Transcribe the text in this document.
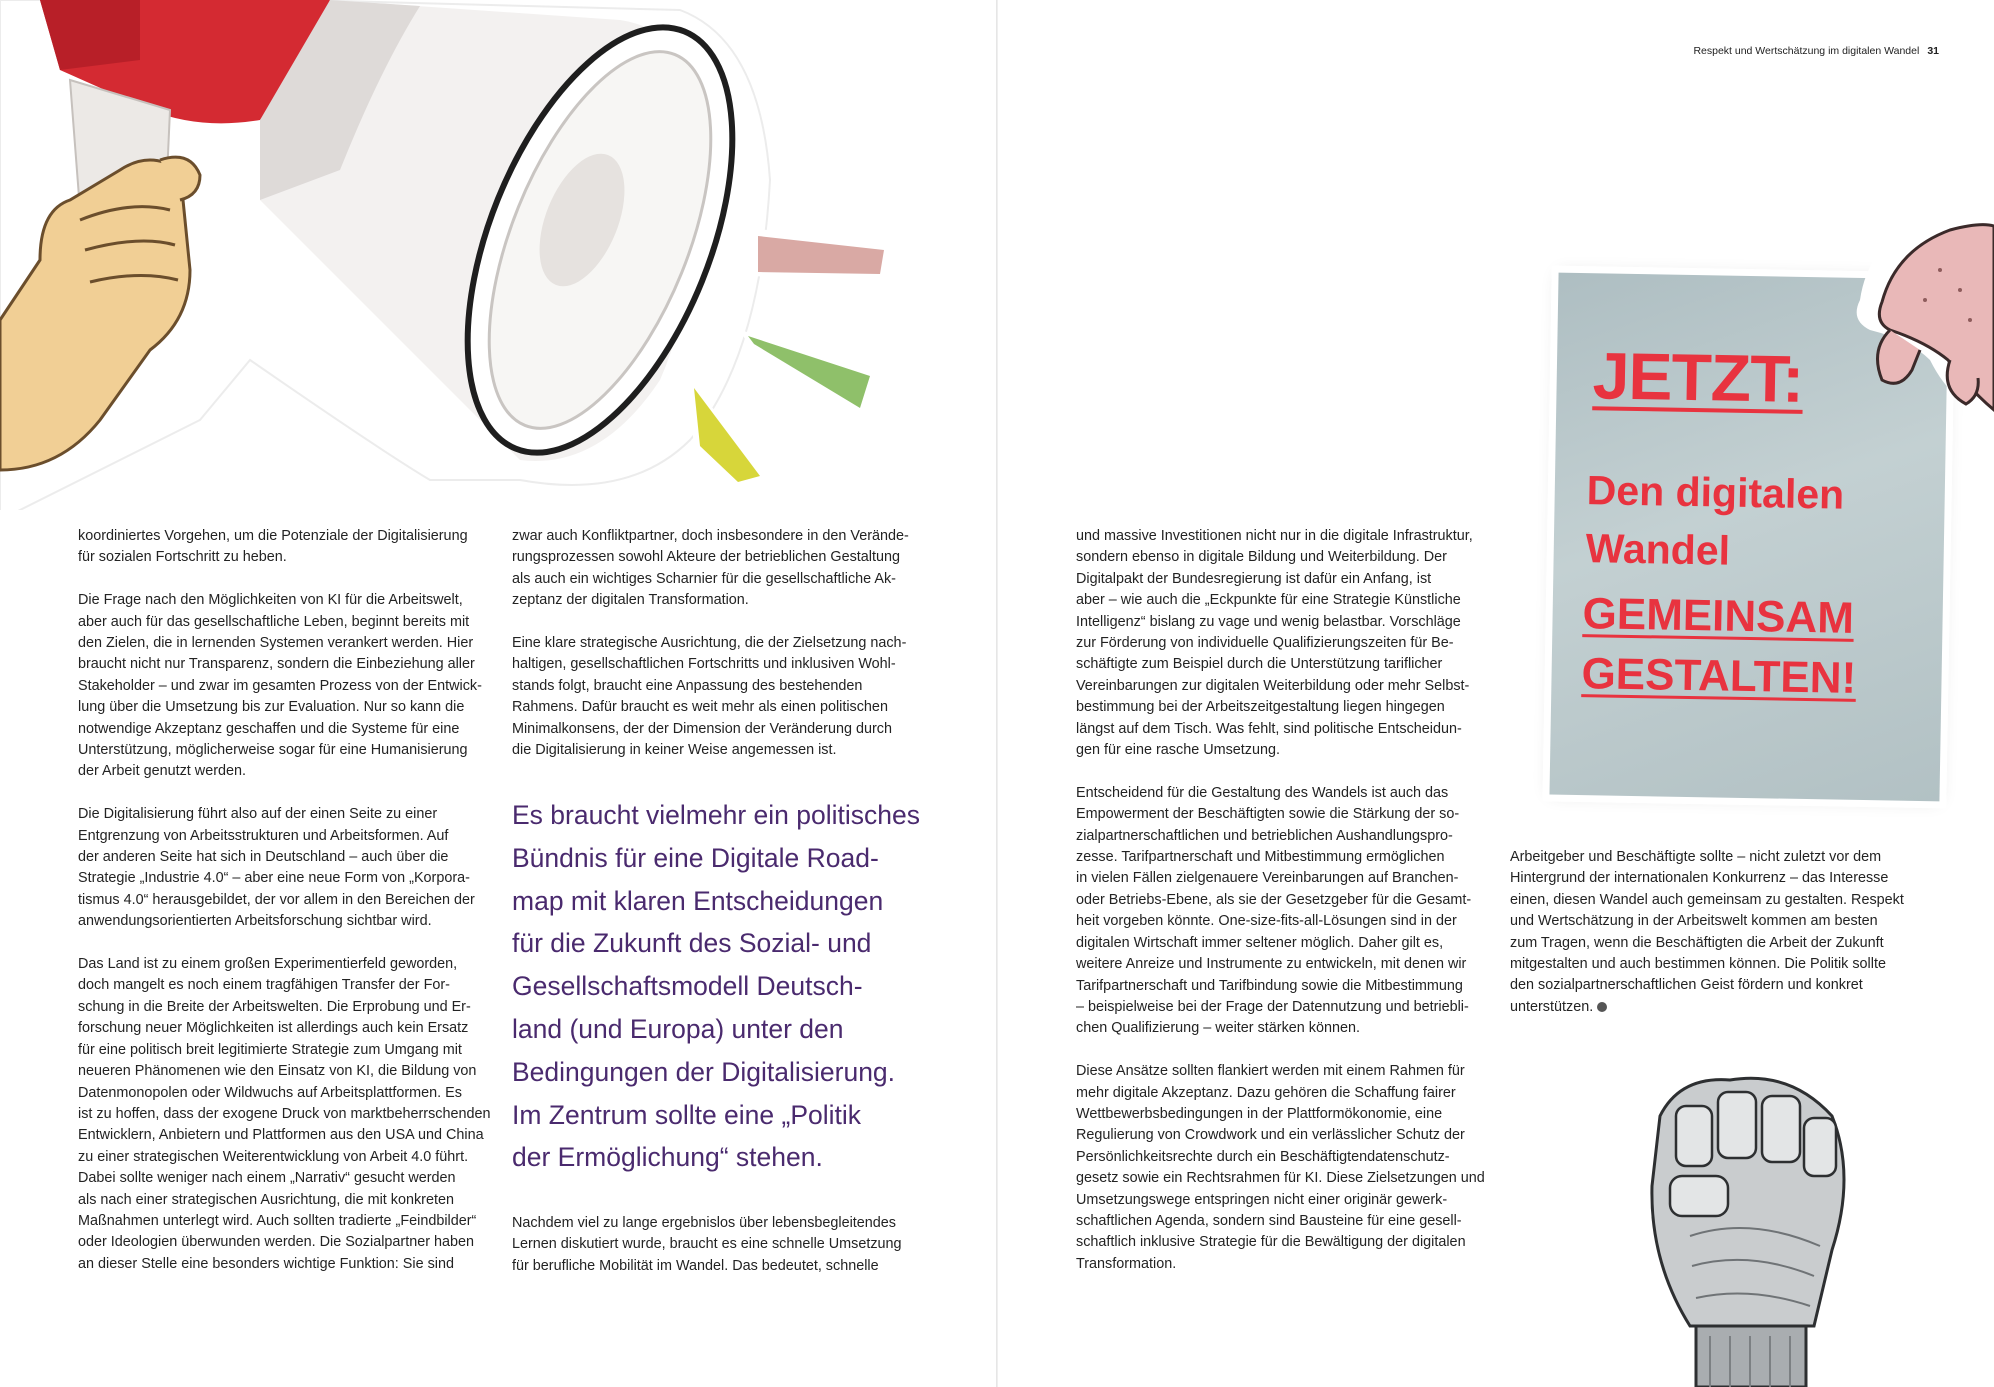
koordiniertes Vorgehen, um die Potenziale der Digitalisierung
für sozialen Fortschritt zu heben.

Die Frage nach den Möglichkeiten von KI für die Arbeitswelt,
aber auch für das gesellschaftliche Leben, beginnt bereits mit
den Zielen, die in lernenden Systemen verankert werden. Hier
braucht nicht nur Transparenz, sondern die Einbeziehung aller
Stakeholder – und zwar im gesamten Prozess von der Entwick-
lung über die Umsetzung bis zur Evaluation. Nur so kann die
notwendige Akzeptanz geschaffen und die Systeme für eine
Unterstützung, möglicherweise sogar für eine Humanisierung
der Arbeit genutzt werden.

Die Digitalisierung führt also auf der einen Seite zu einer
Entgrenzung von Arbeitsstrukturen und Arbeitsformen. Auf
der anderen Seite hat sich in Deutschland – auch über die
Strategie „Industrie 4.0“ – aber eine neue Form von „Korpora-
tismus 4.0“ herausgebildet, der vor allem in den Bereichen der
anwendungsorientierten Arbeitsforschung sichtbar wird.

Das Land ist zu einem großen Experimentierfeld geworden,
doch mangelt es noch einem tragfähigen Transfer der For-
schung in die Breite der Arbeitswelten. Die Erprobung und Er-
forschung neuer Möglichkeiten ist allerdings auch kein Ersatz
für eine politisch breit legitimierte Strategie zum Umgang mit
neueren Phänomenen wie den Einsatz von KI, die Bildung von
Datenmonopolen oder Wildwuchs auf Arbeitsplattformen. Es
ist zu hoffen, dass der exogene Druck von marktbeherrschenden
Entwicklern, Anbietern und Plattformen aus den USA und China
zu einer strategischen Weiterentwicklung von Arbeit 4.0 führt.
Dabei sollte weniger nach einem „Narrativ“ gesucht werden
als nach einer strategischen Ausrichtung, die mit konkreten
Maßnahmen unterlegt wird. Auch sollten tradierte „Feindbilder“
oder Ideologien überwunden werden. Die Sozialpartner haben
an dieser Stelle eine besonders wichtige Funktion: Sie sind

zwar auch Konfliktpartner, doch insbesondere in den Verände-
rungsprozessen sowohl Akteure der betrieblichen Gestaltung
als auch ein wichtiges Scharnier für die gesellschaftliche Ak-
zeptanz der digitalen Transformation.

Eine klare strategische Ausrichtung, die der Zielsetzung nach-
haltigen, gesellschaftlichen Fortschritts und inklusiven Wohl-
stands folgt, braucht eine Anpassung des bestehenden
Rahmens. Dafür braucht es weit mehr als einen politischen
Minimalkonsens, der der Dimension der Veränderung durch
die Digitalisierung in keiner Weise angemessen ist.

Es braucht vielmehr ein politisches
Bündnis für eine Digitale Road-
map mit klaren Entscheidungen
für die Zukunft des Sozial- und
Gesellschaftsmodell Deutsch-
land (und Europa) unter den
Bedingungen der Digitalisierung.
Im Zentrum sollte eine „Politik
der Ermöglichung“ stehen.

Nachdem viel zu lange ergebnislos über lebensbegleitendes
Lernen diskutiert wurde, braucht es eine schnelle Umsetzung
für berufliche Mobilität im Wandel. Das bedeutet, schnelle

Respekt und Wertschätzung im digitalen Wandel 31

JETZT:

Den digitalen

Wandel

GEMEINSAM

GESTALTEN!

und massive Investitionen nicht nur in die digitale Infrastruktur,
sondern ebenso in digitale Bildung und Weiterbildung. Der
Digitalpakt der Bundesregierung ist dafür ein Anfang, ist
aber – wie auch die „Eckpunkte für eine Strategie Künstliche
Intelligenz“ bislang zu vage und wenig belastbar. Vorschläge
zur Förderung von individuelle Qualifizierungszeiten für Be-
schäftigte zum Beispiel durch die Unterstützung tariflicher
Vereinbarungen zur digitalen Weiterbildung oder mehr Selbst-
bestimmung bei der Arbeitszeitgestaltung liegen hingegen
längst auf dem Tisch. Was fehlt, sind politische Entscheidun-
gen für eine rasche Umsetzung.

Entscheidend für die Gestaltung des Wandels ist auch das
Empowerment der Beschäftigten sowie die Stärkung der so-
zialpartnerschaftlichen und betrieblichen Aushandlungspro-
zesse. Tarifpartnerschaft und Mitbestimmung ermöglichen
in vielen Fällen zielgenauere Vereinbarungen auf Branchen-
oder Betriebs-Ebene, als sie der Gesetzgeber für die Gesamt-
heit vorgeben könnte. One-size-fits-all-Lösungen sind in der
digitalen Wirtschaft immer seltener möglich. Daher gilt es,
weitere Anreize und Instrumente zu entwickeln, mit denen wir
Tarifpartnerschaft und Tarifbindung sowie die Mitbestimmung
– beispielweise bei der Frage der Datennutzung und betriebli-
chen Qualifizierung – weiter stärken können.

Diese Ansätze sollten flankiert werden mit einem Rahmen für
mehr digitale Akzeptanz. Dazu gehören die Schaffung fairer
Wettbewerbsbedingungen in der Plattformökonomie, eine
Regulierung von Crowdwork und ein verlässlicher Schutz der
Persönlichkeitsrechte durch ein Beschäftigtendatenschutz-
gesetz sowie ein Rechtsrahmen für KI. Diese Zielsetzungen und
Umsetzungswege entspringen nicht einer originär gewerk-
schaftlichen Agenda, sondern sind Bausteine für eine gesell-
schaftlich inklusive Strategie für die Bewältigung der digitalen
Transformation.

Arbeitgeber und Beschäftigte sollte – nicht zuletzt vor dem
Hintergrund der internationalen Konkurrenz – das Interesse
einen, diesen Wandel auch gemeinsam zu gestalten. Respekt
und Wertschätzung in der Arbeitswelt kommen am besten
zum Tragen, wenn die Beschäftigten die Arbeit der Zukunft
mitgestalten und auch bestimmen können. Die Politik sollte
den sozialpartnerschaftlichen Geist fördern und konkret
unterstützen.
